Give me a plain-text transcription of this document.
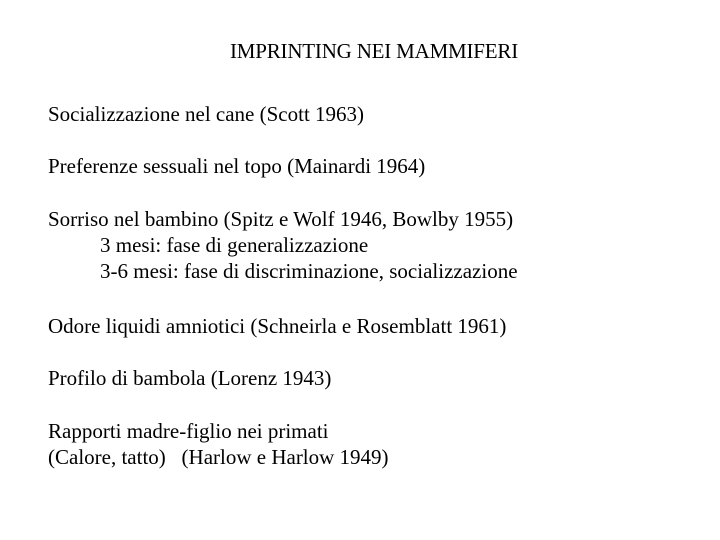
IMPRINTING NEI MAMMIFERI
Socializzazione nel cane (Scott 1963)
Preferenze sessuali nel topo (Mainardi 1964)
Sorriso nel bambino (Spitz e Wolf 1946, Bowlby 1955)
3 mesi: fase di generalizzazione
3-6 mesi: fase di discriminazione, socializzazione
Odore liquidi amniotici (Schneirla e Rosemblatt 1961)
Profilo di bambola (Lorenz 1943)
Rapporti madre-figlio nei primati
(Calore, tatto)   (Harlow e Harlow 1949)
